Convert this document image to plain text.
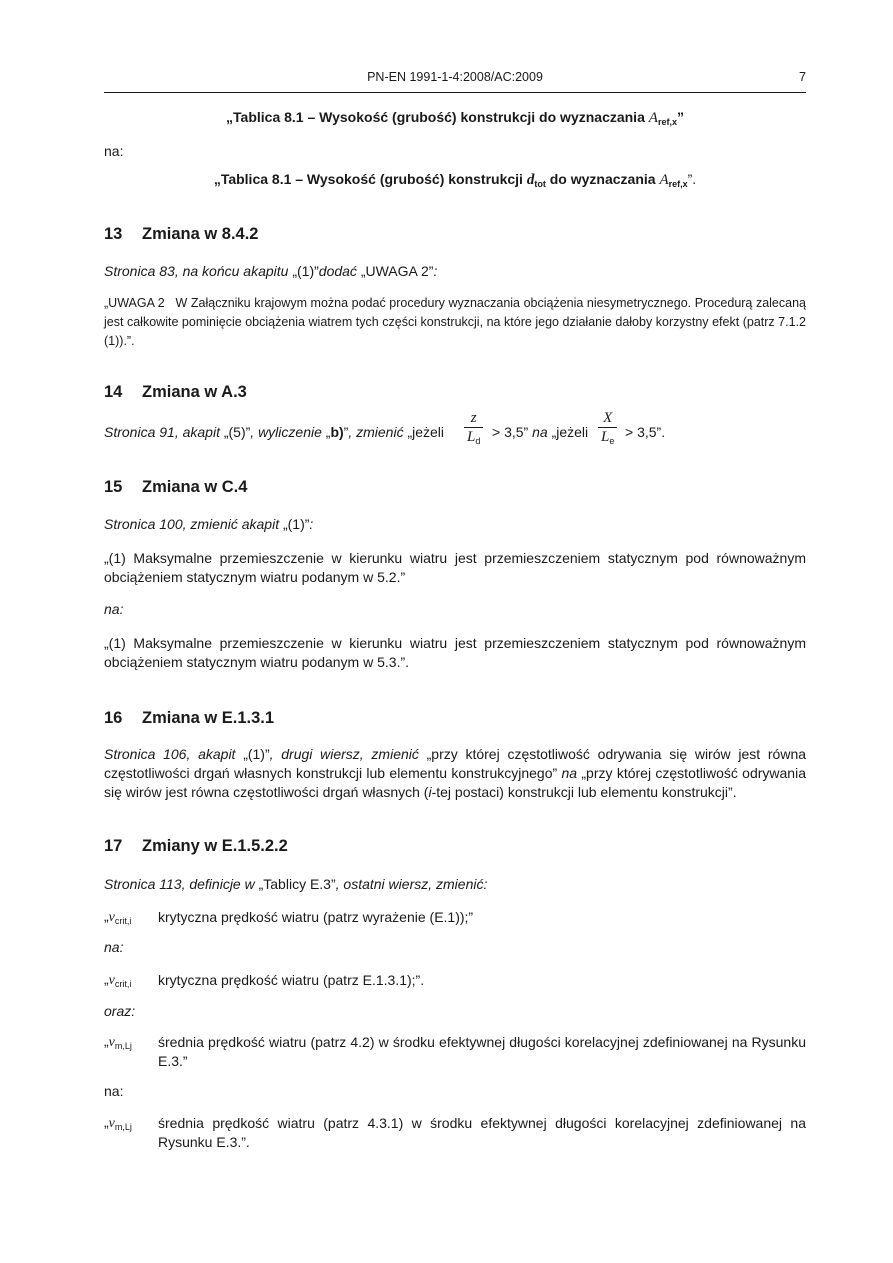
PN-EN 1991-1-4:2008/AC:2009	7
„Tablica 8.1 – Wysokość (grubość) konstrukcji do wyznaczania $A_{ref,x}$”
na:
„Tablica 8.1 – Wysokość (grubość) konstrukcji $d_{tot}$ do wyznaczania $A_{ref,x}$”.
13 Zmiana w 8.4.2
Stronica 83, na końcu akapitu „(1)”dodać „UWAGA 2”:
„UWAGA 2 W Załączniku krajowym można podać procedury wyznaczania obciążenia niesymetrycznego. Procedurą zalecaną jest całkowite pominięcie obciążenia wiatrem tych części konstrukcji, na które jego działanie dałoby korzystny efekt (patrz 7.1.2 (1)).”.
14 Zmiana w A.3
Stronica 91, akapit „(5)”, wyliczenie „b)”, zmienić „jeżeli $\frac{z}{L_d} > 3,5$” na „jeżeli $\frac{X}{L_e} > 3,5$”.
15 Zmiana w C.4
Stronica 100, zmienić akapit „(1)”:
„(1) Maksymalne przemieszczenie w kierunku wiatru jest przemieszczeniem statycznym pod równoważnym obciążeniem statycznym wiatru podanym w 5.2.”
na:
„(1) Maksymalne przemieszczenie w kierunku wiatru jest przemieszczeniem statycznym pod równoważnym obciążeniem statycznym wiatru podanym w 5.3.”.
16 Zmiana w E.1.3.1
Stronica 106, akapit „(1)”, drugi wiersz, zmienić „przy której częstotliwość odrywania się wirów jest równa częstotliwości drgań własnych konstrukcji lub elementu konstrukcyjnego” na „przy której częstotliwość odrywania się wirów jest równa częstotliwości drgań własnych (i-tej postaci) konstrukcji lub elementu konstrukcji”.
17 Zmiany w E.1.5.2.2
Stronica 113, definicje w „Tablicy E.3”, ostatni wiersz, zmienić:
$„v_{crit,i}$	krytyczna prędkość wiatru (patrz wyrażenie (E.1));”
na:
$„v_{crit,i}$	krytyczna prędkość wiatru (patrz E.1.3.1);”.
oraz:
$„v_{m,Lj}$	średnia prędkość wiatru (patrz 4.2) w środku efektywnej długości korelacyjnej zdefiniowanej na Rysunku E.3.”
na:
$„v_{m,Lj}$	średnia prędkość wiatru (patrz 4.3.1) w środku efektywnej długości korelacyjnej zdefiniowanej na Rysunku E.3.”.
